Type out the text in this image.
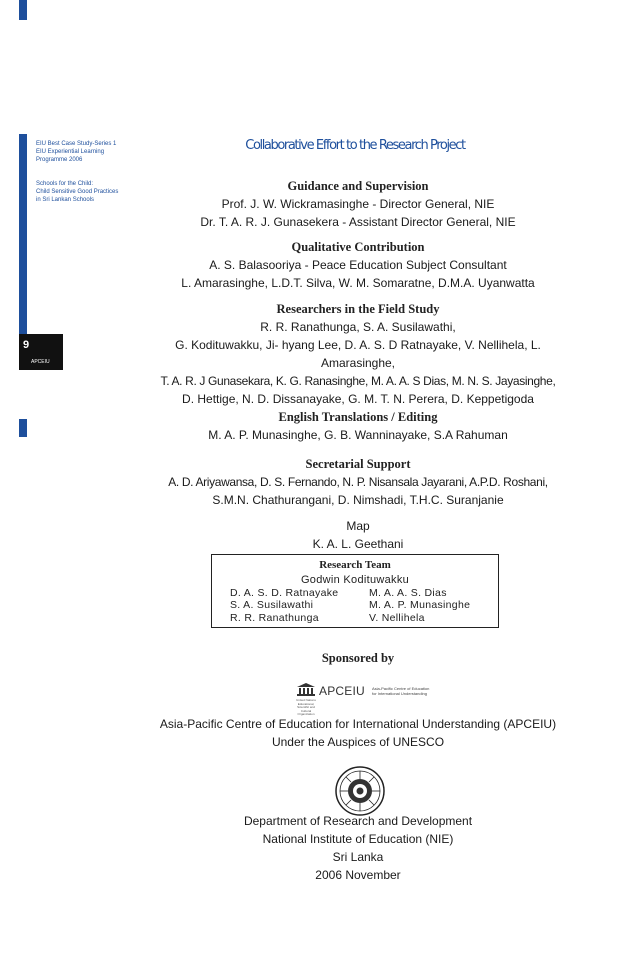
EIU Best Case Study-Series 1
EIU Experiential Learning
Programme 2006
Schools for the Child:
Child Sensitive Good Practices
in Sri Lankan Schools
9
APCEIU
Collaborative Effort to the Research Project
Guidance and Supervision
Prof. J. W. Wickramasinghe - Director General, NIE
Dr. T. A. R. J. Gunasekera - Assistant Director General, NIE
Qualitative Contribution
A. S. Balasooriya - Peace Education Subject Consultant
L. Amarasinghe, L.D.T. Silva, W. M. Somaratne, D.M.A. Uyanwatta
Researchers in the Field Study
R. R. Ranathunga, S. A. Susilawathi,
G. Kodituwakku, Ji- hyang Lee, D. A. S. D Ratnayake, V. Nellihela, L. Amarasinghe,
T. A. R. J Gunasekara, K. G. Ranasinghe, M. A. A. S Dias, M. N. S. Jayasinghe,
D. Hettige, N. D. Dissanayake, G. M. T. N. Perera, D. Keppetigoda
English Translations / Editing
M. A. P. Munasinghe, G. B. Wanninayake, S.A Rahuman
Secretarial Support
A. D. Ariyawansa, D. S. Fernando, N. P. Nisansala Jayarani, A.P.D. Roshani,
S.M.N. Chathurangani, D. Nimshadi, T.H.C. Suranjanie
Map
K. A. L. Geethani
Research Team
Godwin Kodituwakku
D. A. S. D. Ratnayake
S. A. Susilawathi
R. R. Ranathunga
M. A. A. S. Dias
M. A. P. Munasinghe
V. Nellihela
Sponsored by
United Nations
Educational, Scientific and
Cultural Organization
APCEIU Asia-Pacific Centre of Education
for International Understanding
Asia-Pacific Centre of Education for International Understanding (APCEIU)
Under the Auspices of UNESCO
Department of Research and Development
National Institute of Education (NIE)
Sri Lanka
2006 November
